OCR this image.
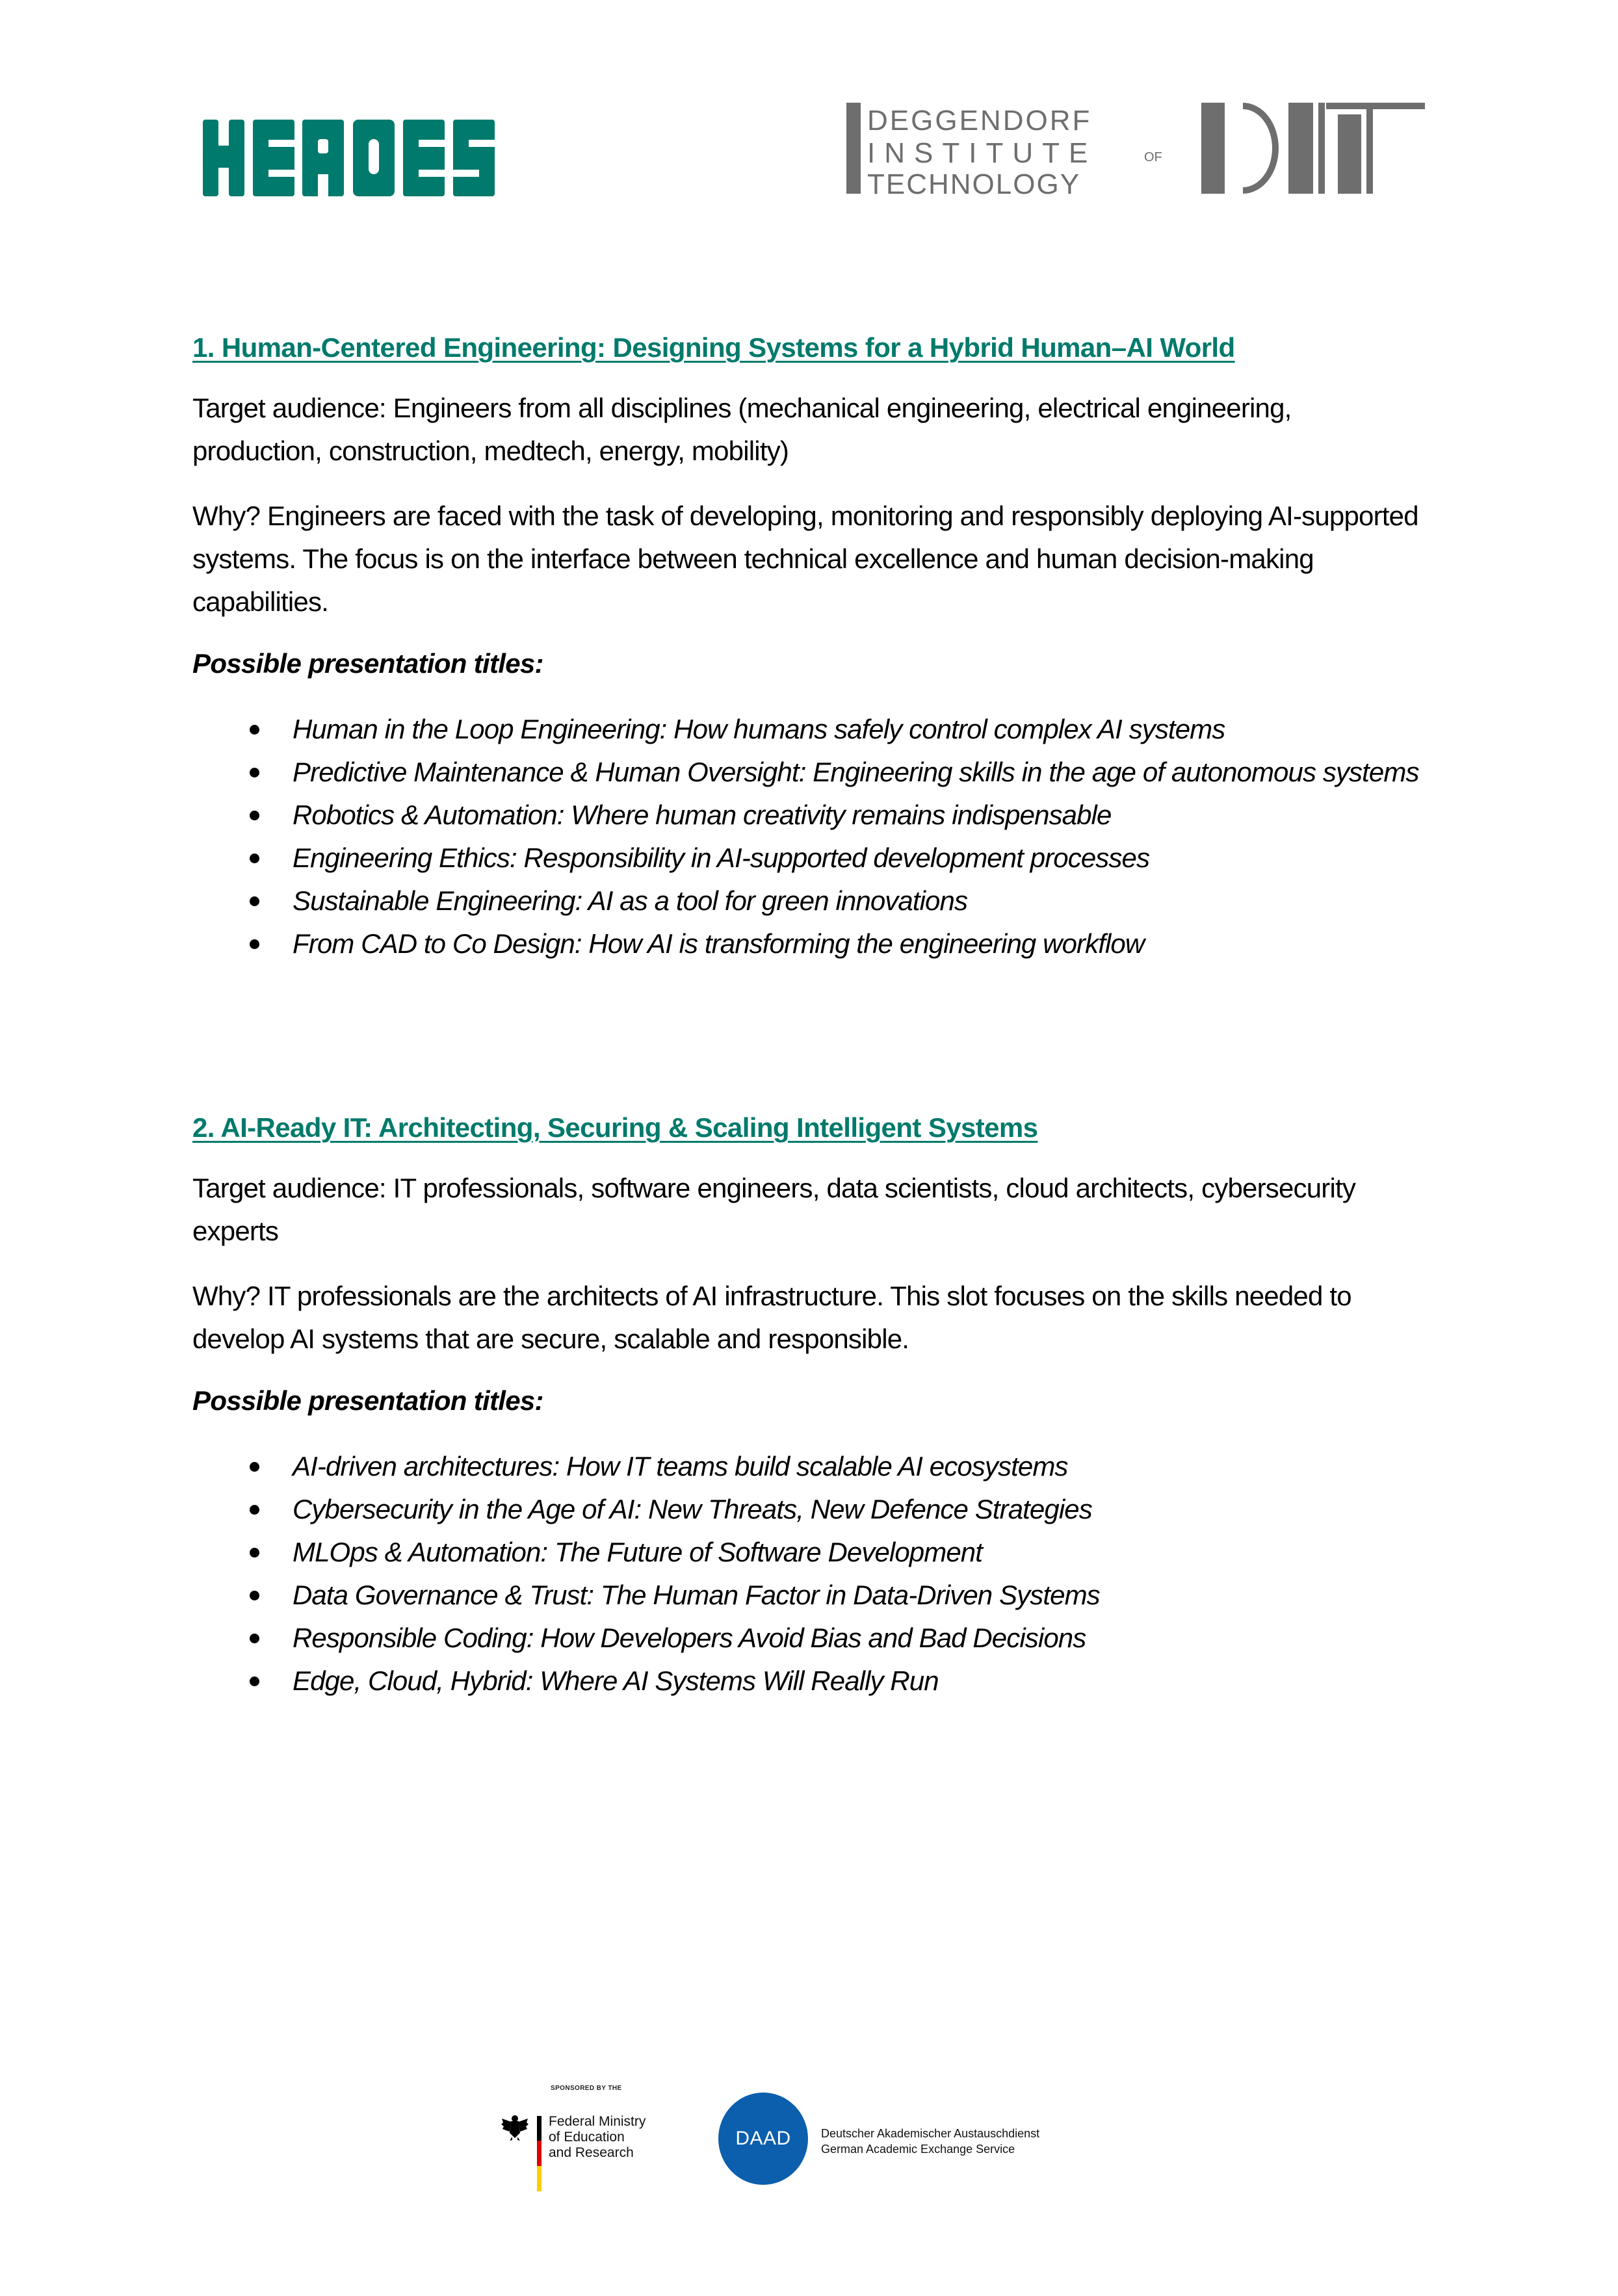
DEGGENDORF
INSTITUTE	OF
TECHNOLOGY

1. Human-Centered Engineering: Designing Systems for a Hybrid Human–AI World

Target audience: Engineers from all disciplines (mechanical engineering, electrical engineering, production, construction, medtech, energy, mobility)

Why? Engineers are faced with the task of developing, monitoring and responsibly deploying AI-supported systems. The focus is on the interface between technical excellence and human decision-making capabilities.

Possible presentation titles:

Human in the Loop Engineering: How humans safely control complex AI systems
Predictive Maintenance & Human Oversight: Engineering skills in the age of autonomous systems
Robotics & Automation: Where human creativity remains indispensable
Engineering Ethics: Responsibility in AI-supported development processes
Sustainable Engineering: AI as a tool for green innovations
From CAD to Co Design: How AI is transforming the engineering workflow

2. AI-Ready IT: Architecting, Securing & Scaling Intelligent Systems

Target audience: IT professionals, software engineers, data scientists, cloud architects, cybersecurity experts

Why? IT professionals are the architects of AI infrastructure. This slot focuses on the skills needed to develop AI systems that are secure, scalable and responsible.

Possible presentation titles:

AI-driven architectures: How IT teams build scalable AI ecosystems
Cybersecurity in the Age of AI: New Threats, New Defence Strategies
MLOps & Automation: The Future of Software Development
Data Governance & Trust: The Human Factor in Data-Driven Systems
Responsible Coding: How Developers Avoid Bias and Bad Decisions
Edge, Cloud, Hybrid: Where AI Systems Will Really Run
SPONSORED BY THE
Federal Ministry
of Education
and Research
DAAD	Deutscher Akademischer Austauschdienst
German Academic Exchange Service
